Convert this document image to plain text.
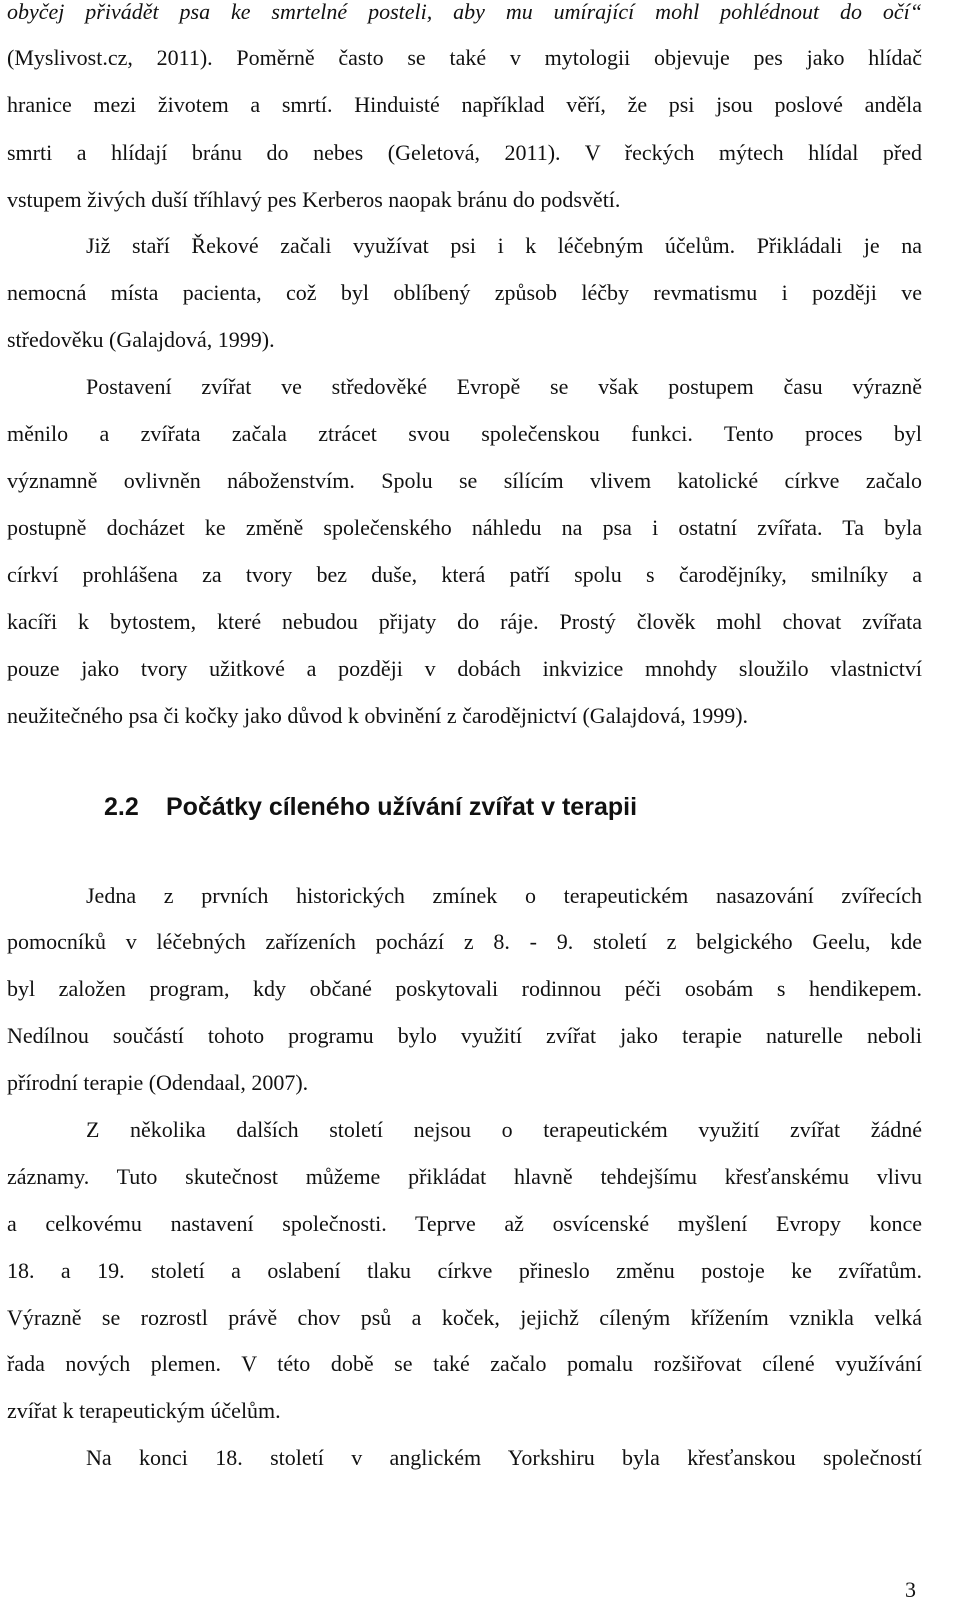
obyčej přivádět psa ke smrtelné posteli, aby mu umírající mohl pohlédnout do očí“
(Myslivost.cz, 2011). Poměrně často se také v mytologii objevuje pes jako hlídač
hranice mezi životem a smrtí. Hinduisté například věří, že psi jsou poslové anděla
smrti a hlídají bránu do nebes (Geletová, 2011). V řeckých mýtech hlídal před
vstupem živých duší tříhlavý pes Kerberos naopak bránu do podsvětí.
Již staří Řekové začali využívat psi i k léčebným účelům. Přikládali je na
nemocná místa pacienta, což byl oblíbený způsob léčby revmatismu i později ve
středověku (Galajdová, 1999).
Postavení zvířat ve středověké Evropě se však postupem času výrazně
měnilo a zvířata začala ztrácet svou společenskou funkci. Tento proces byl
významně ovlivněn náboženstvím. Spolu se sílícím vlivem katolické církve začalo
postupně docházet ke změně společenského náhledu na psa i ostatní zvířata. Ta byla
církví prohlášena za tvory bez duše, která patří spolu s čarodějníky, smilníky a
kacíři k bytostem, které nebudou přijaty do ráje. Prostý člověk mohl chovat zvířata
pouze jako tvory užitkové a později v dobách inkvizice mnohdy sloužilo vlastnictví
neužitečného psa či kočky jako důvod k obvinění z čarodějnictví (Galajdová, 1999).
2.2 Počátky cíleného užívání zvířat v terapii
Jedna z prvních historických zmínek o terapeutickém nasazování zvířecích
pomocníků v léčebných zařízeních pochází z 8. - 9. století z belgického Geelu, kde
byl založen program, kdy občané poskytovali rodinnou péči osobám s hendikepem.
Nedílnou součástí tohoto programu bylo využití zvířat jako terapie naturelle neboli
přírodní terapie (Odendaal, 2007).
Z několika dalších století nejsou o terapeutickém využití zvířat žádné
záznamy. Tuto skutečnost můžeme přikládat hlavně tehdejšímu křesťanskému vlivu
a celkovému nastavení společnosti. Teprve až osvícenské myšlení Evropy konce
18. a 19. století a oslabení tlaku církve přineslo změnu postoje ke zvířatům.
Výrazně se rozrostl právě chov psů a koček, jejichž cíleným křížením vznikla velká
řada nových plemen. V této době se také začalo pomalu rozšiřovat cílené využívání
zvířat k terapeutickým účelům.
Na konci 18. století v anglickém Yorkshiru byla křesťanskou společností
3
